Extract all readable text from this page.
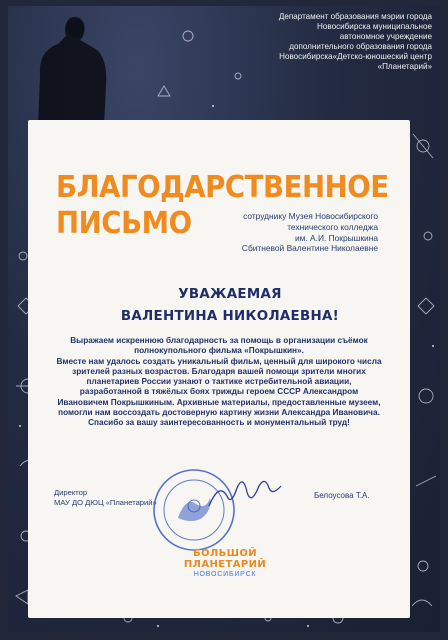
Департамент образования мэрии города
Новосибирска муниципальное
автономное учреждение
дополнительного образования города
Новосибирска«Детско-юношеский центр
«Планетарий»
БЛАГОДАРСТВЕННОЕ
ПИСЬМО	сотруднику Музея Новосибирского
технического колледжа
им. А.И. Покрышкина
Сбитневой Валентине Николаевне
УВАЖАЕМАЯ
ВАЛЕНТИНА НИКОЛАЕВНА!

Выражаем искреннюю благодарность за помощь в организации съёмок полнокупольного фильма «Покрышкин».

Вместе нам удалось создать уникальный фильм, ценный для широкого числа зрителей разных возрастов. Благодаря вашей помощи зрители многих планетариев России узнают о тактике истребительной авиации, разработанной в тяжёлых боях трижды героем СССР Александром Ивановичем Покрышкиным. Архивные материалы, предоставленные музеем, помогли нам воссоздать достоверную картину жизни Александра Ивановича.

Спасибо за вашу заинтересованность и монументальный труд!

Директор
МАУ ДО ДЮЦ «Планетарий»
Белоусова Т.А.
БОЛЬШОЙ
ПЛАНЕТАРИЙ
НОВОСИБИРСК
